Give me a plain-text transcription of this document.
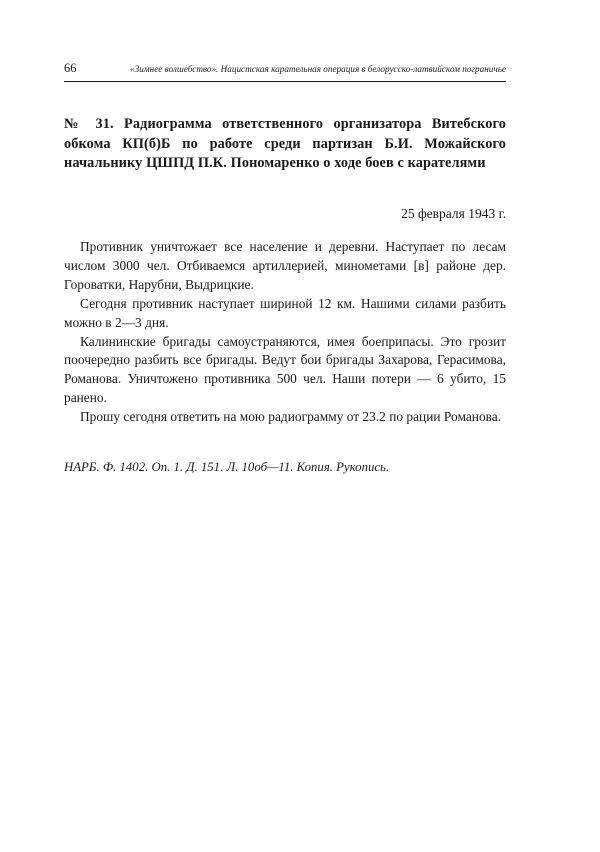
66	«Зимнее волшебство». Нацистская карательная операция в белорусско-латвийском пограничье
№ 31. Радиограмма ответственного организатора Витебского обкома КП(б)Б по работе среди партизан Б.И. Можайского начальнику ЦШПД П.К. Пономаренко о ходе боев с карателями
25 февраля 1943 г.

Противник уничтожает все население и деревни. Наступает по лесам числом 3000 чел. Отбиваемся артиллерией, минометами [в] районе дер. Гороватки, Нарубни, Выдрицкие.

Сегодня противник наступает шириной 12 км. Нашими силами разбить можно в 2—3 дня.

Калининские бригады самоустраняются, имея боеприпасы. Это грозит поочередно разбить все бригады. Ведут бои бригады Захарова, Герасимова, Романова. Уничтожено противника 500 чел. Наши потери — 6 убито, 15 ранено.

Прошу сегодня ответить на мою радиограмму от 23.2 по рации Романова.

НАРБ. Ф. 1402. Оп. 1. Д. 151. Л. 10об—11. Копия. Рукопись.
